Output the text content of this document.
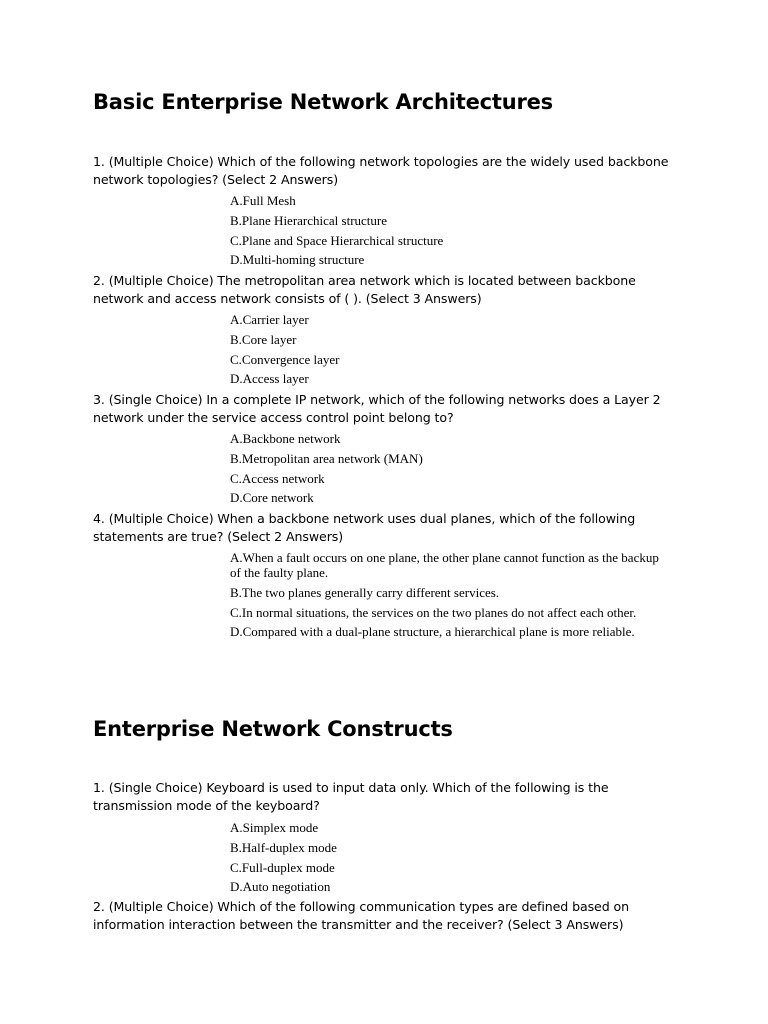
Basic Enterprise Network Architectures

1. (Multiple Choice) Which of the following network topologies are the widely used backbone network topologies? (Select 2 Answers)

A.Full Mesh
B.Plane Hierarchical structure
C.Plane and Space Hierarchical structure
D.Multi-homing structure

2. (Multiple Choice) The metropolitan area network which is located between backbone network and access network consists of ( ). (Select 3 Answers)

A.Carrier layer
B.Core layer
C.Convergence layer
D.Access layer

3. (Single Choice) In a complete IP network, which of the following networks does a Layer 2 network under the service access control point belong to?

A.Backbone network
B.Metropolitan area network (MAN)
C.Access network
D.Core network

4. (Multiple Choice) When a backbone network uses dual planes, which of the following statements are true? (Select 2 Answers)

A.When a fault occurs on one plane, the other plane cannot function as the backup of the faulty plane.
B.The two planes generally carry different services.
C.In normal situations, the services on the two planes do not affect each other.
D.Compared with a dual-plane structure, a hierarchical plane is more reliable.
Enterprise Network Constructs

1. (Single Choice) Keyboard is used to input data only. Which of the following is the transmission mode of the keyboard?

A.Simplex mode
B.Half-duplex mode
C.Full-duplex mode
D.Auto negotiation

2. (Multiple Choice) Which of the following communication types are defined based on information interaction between the transmitter and the receiver? (Select 3 Answers)
